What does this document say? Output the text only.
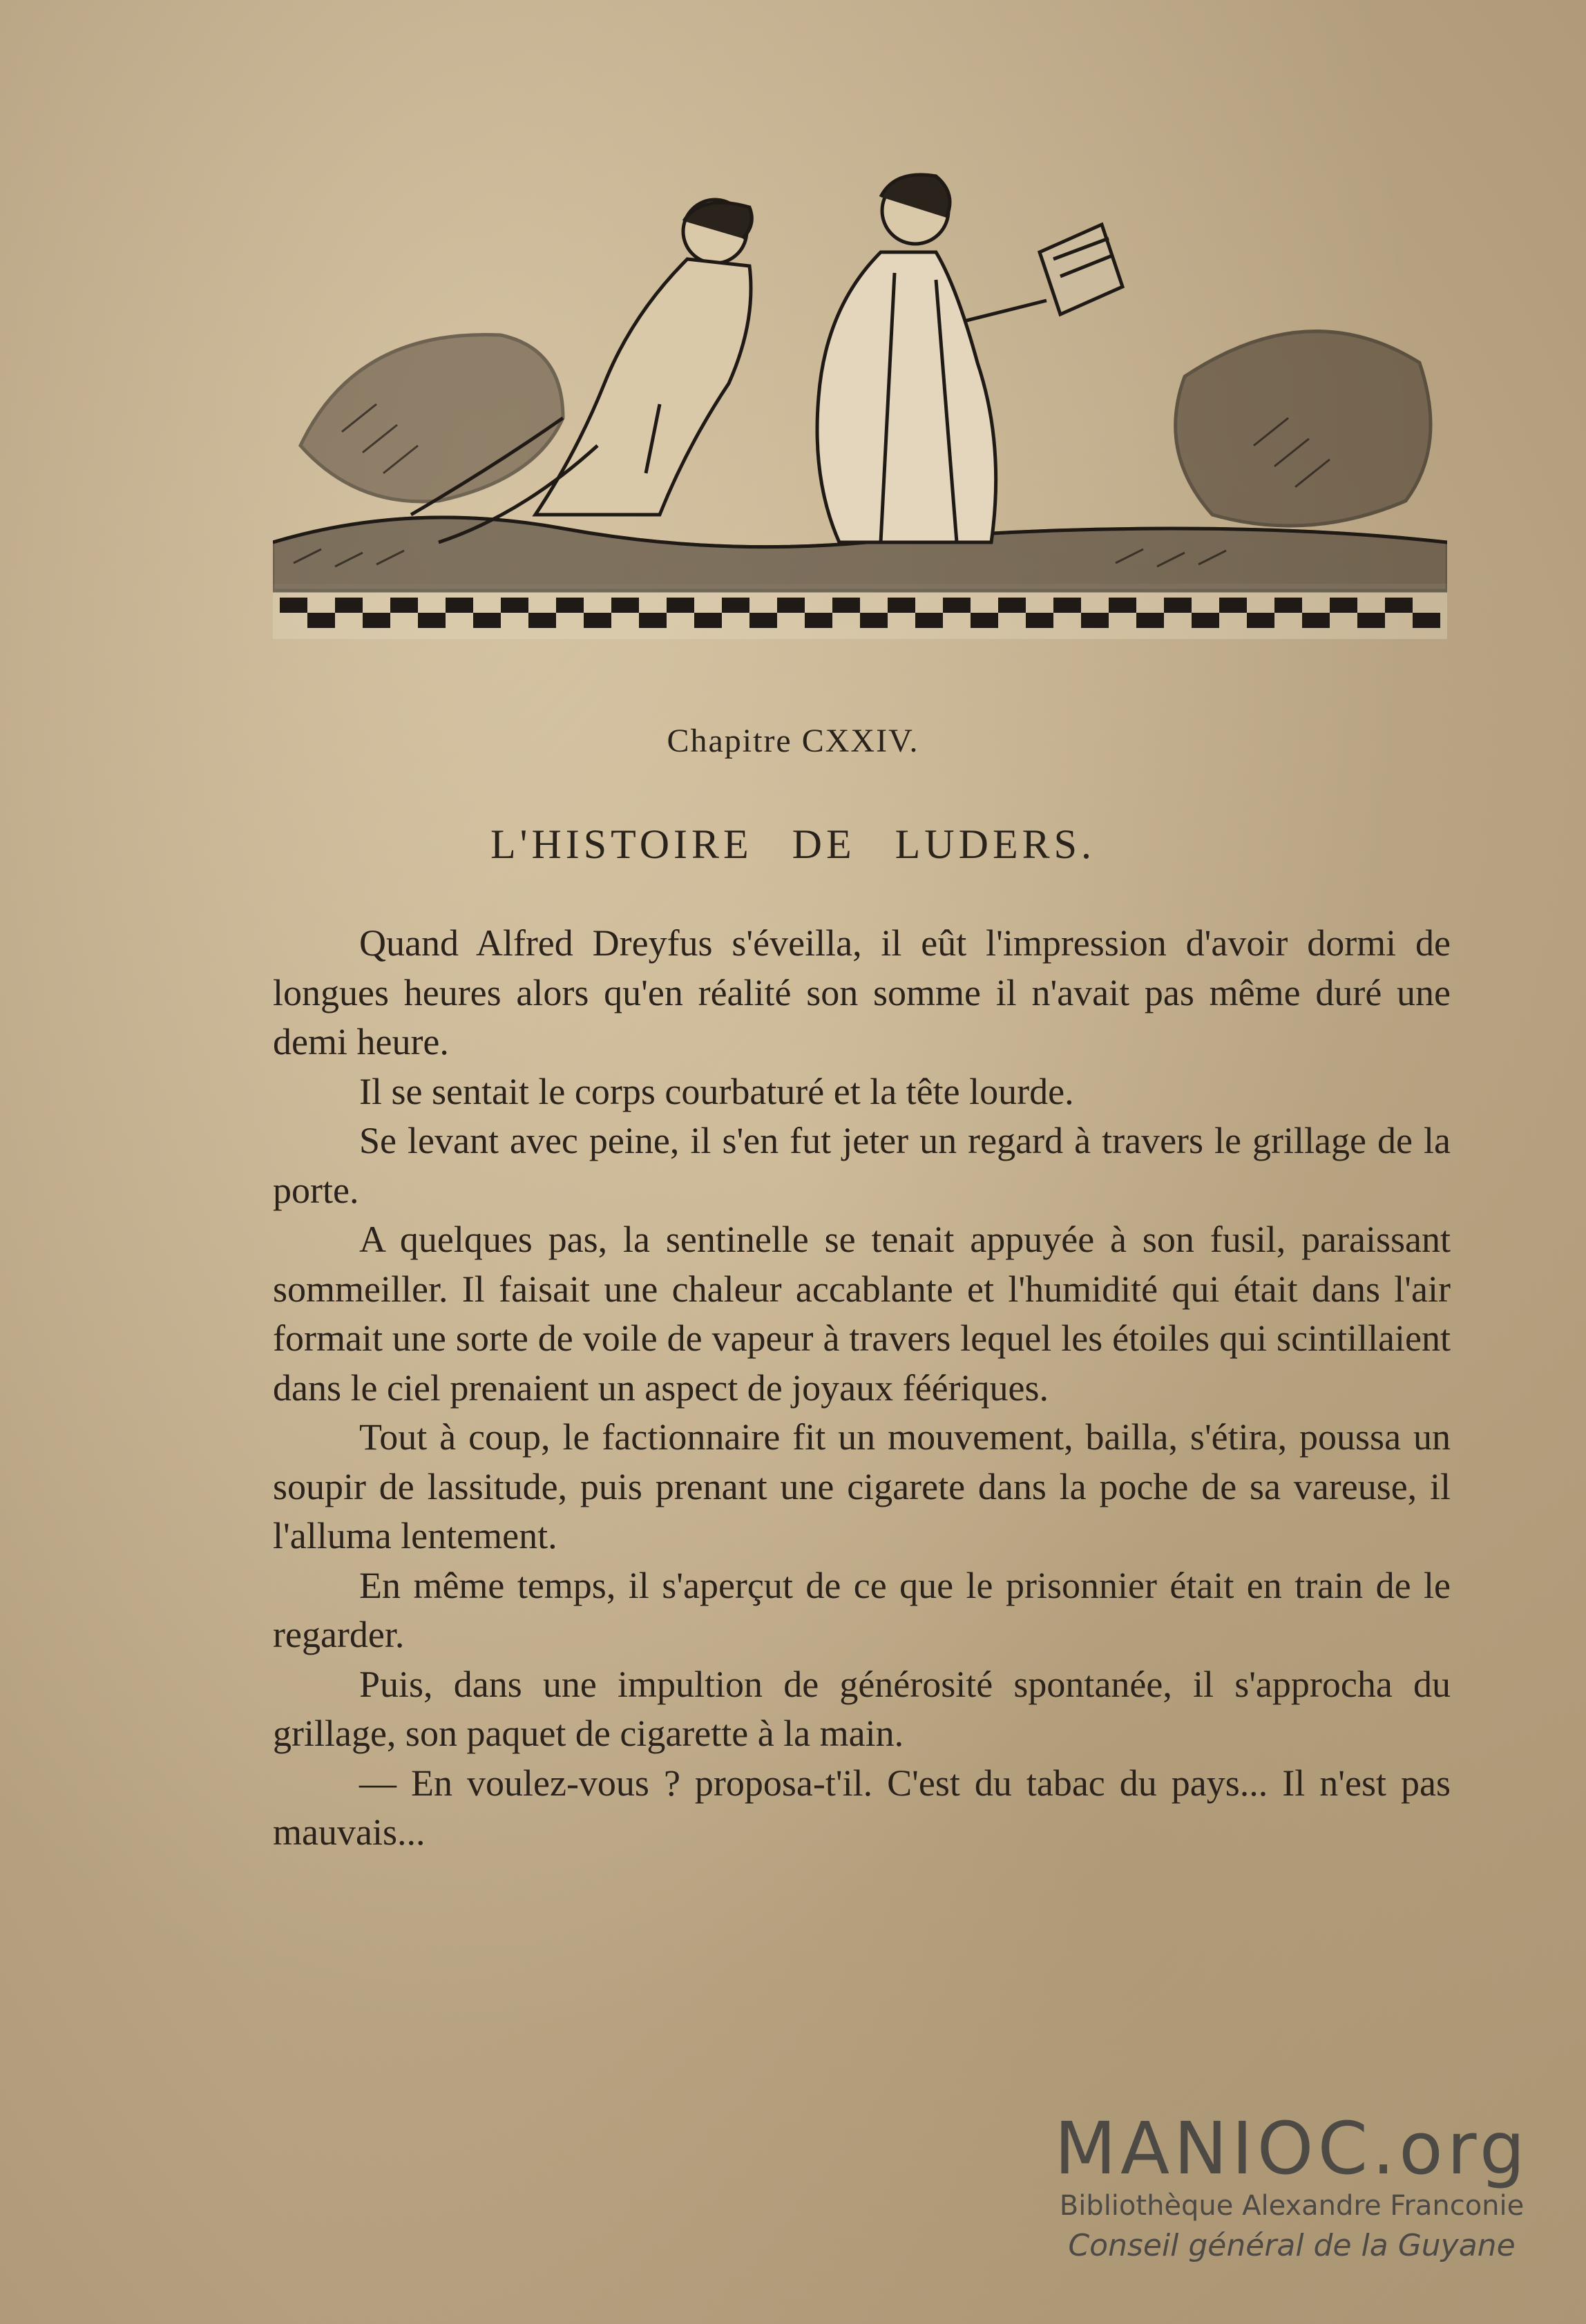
Chapitre CXXIV.
L'HISTOIRE DE LUDERS.

Quand Alfred Dreyfus s'éveilla, il eût l'impression d'avoir dormi de longues heures alors qu'en réalité son somme il n'avait pas même duré une demi heure.

Il se sentait le corps courbaturé et la tête lourde.

Se levant avec peine, il s'en fut jeter un regard à travers le grillage de la porte.

A quelques pas, la sentinelle se tenait appuyée à son fusil, paraissant sommeiller. Il faisait une chaleur accablante et l'humidité qui était dans l'air formait une sorte de voile de vapeur à travers lequel les étoiles qui scintillaient dans le ciel prenaient un aspect de joyaux féériques.

Tout à coup, le factionnaire fit un mouvement, bailla, s'étira, poussa un soupir de lassitude, puis prenant une cigarete dans la poche de sa vareuse, il l'alluma lentement.

En même temps, il s'aperçut de ce que le prisonnier était en train de le regarder.

Puis, dans une impultion de générosité spontanée, il s'approcha du grillage, son paquet de cigarette à la main.

— En voulez-vous ? proposa-t'il. C'est du tabac du pays... Il n'est pas mauvais...

MANIOC.org
Bibliothèque Alexandre Franconie
Conseil général de la Guyane
